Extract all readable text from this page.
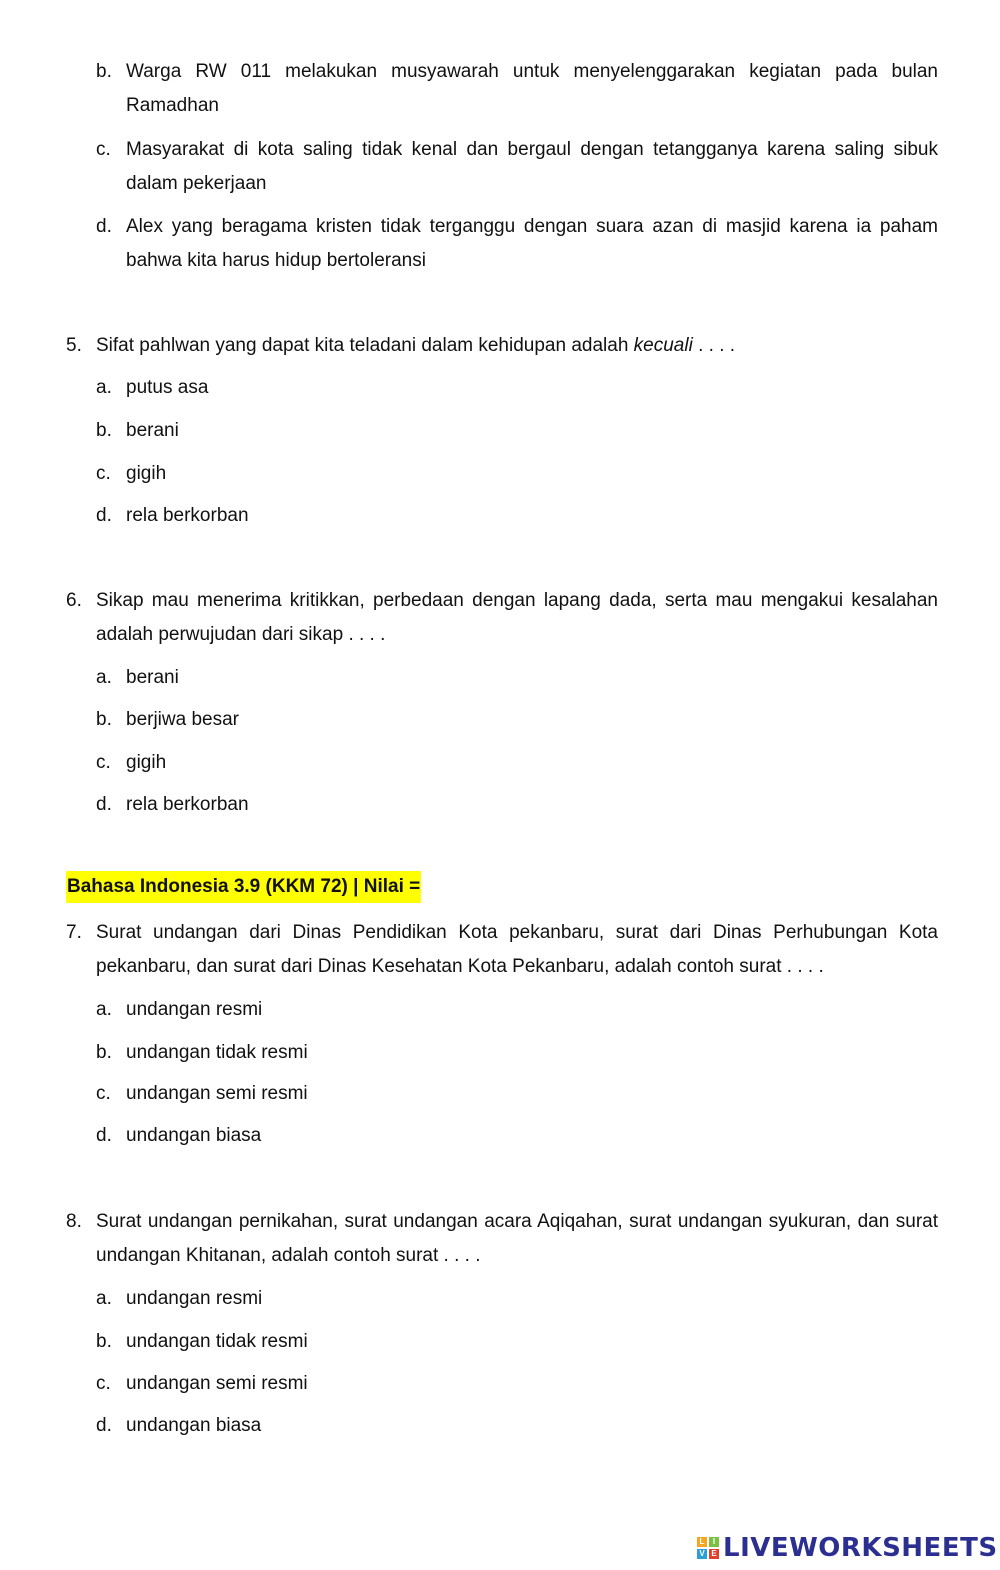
b. Warga RW 011 melakukan musyawarah untuk menyelenggarakan kegiatan pada bulan Ramadhan
c. Masyarakat di kota saling tidak kenal dan bergaul dengan tetangganya karena saling sibuk dalam pekerjaan
d. Alex yang beragama kristen tidak terganggu dengan suara azan di masjid karena ia paham bahwa kita harus hidup bertoleransi
5. Sifat pahlwan yang dapat kita teladani dalam kehidupan adalah kecuali . . . .
a. putus asa
b. berani
c. gigih
d. rela berkorban
6. Sikap mau menerima kritikkan, perbedaan dengan lapang dada, serta mau mengakui kesalahan adalah perwujudan dari sikap . . . .
a. berani
b. berjiwa besar
c. gigih
d. rela berkorban
Bahasa Indonesia 3.9 (KKM 72) | Nilai =
7. Surat undangan dari Dinas Pendidikan Kota pekanbaru, surat dari Dinas Perhubungan Kota pekanbaru, dan surat dari Dinas Kesehatan Kota Pekanbaru, adalah contoh surat . . . .
a. undangan resmi
b. undangan tidak resmi
c. undangan semi resmi
d. undangan biasa
8. Surat undangan pernikahan, surat undangan acara Aqiqahan, surat undangan syukuran, dan surat undangan Khitanan, adalah contoh surat . . . .
a. undangan resmi
b. undangan tidak resmi
c. undangan semi resmi
d. undangan biasa
L	I
V E LIVEWORKSHEETS
